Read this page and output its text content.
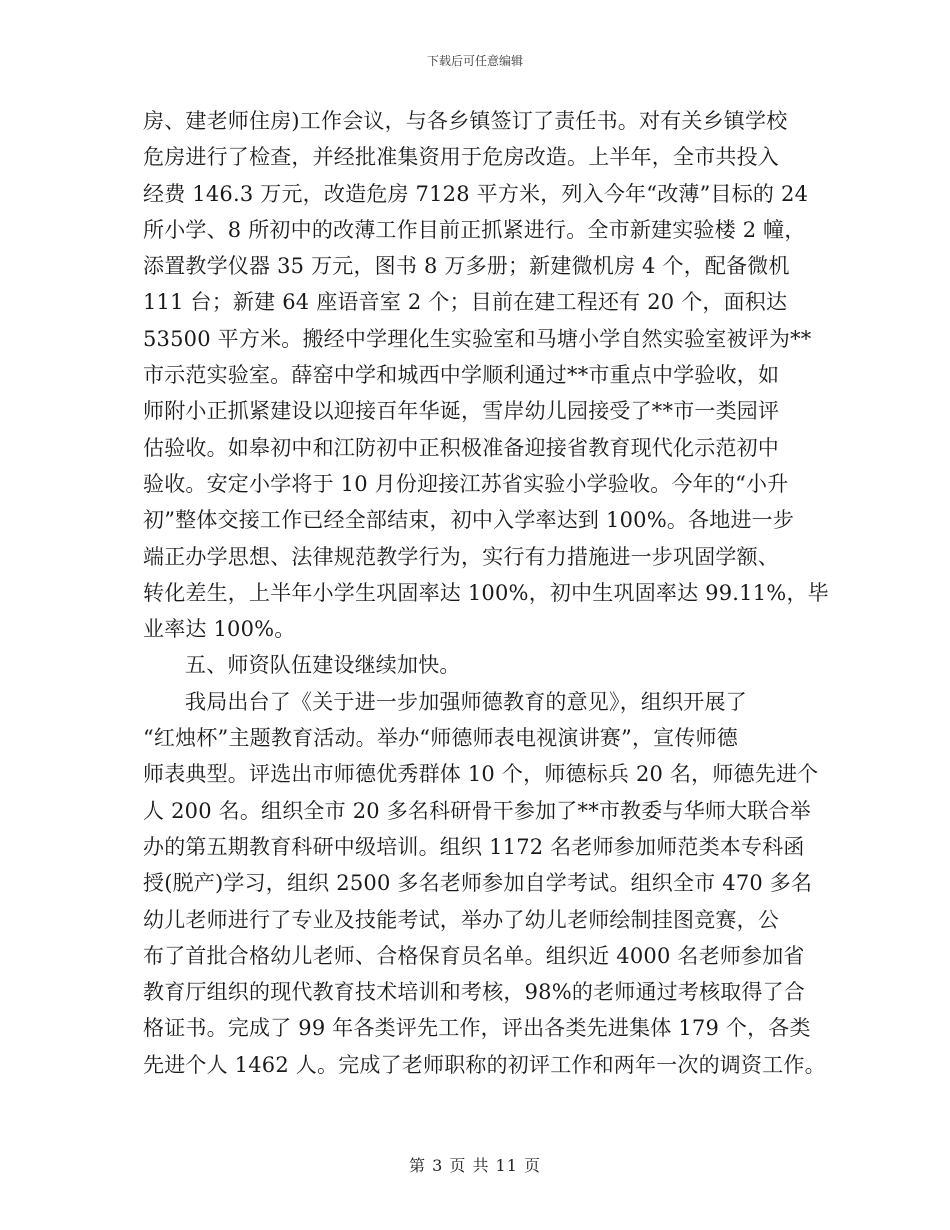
下载后可任意编辑
房、建老师住房)工作会议，与各乡镇签订了责任书。对有关乡镇学校
危房进行了检查，并经批准集资用于危房改造。上半年，全市共投入
经费 146.3 万元，改造危房 7128 平方米，列入今年“改薄”目标的 24
所小学、8 所初中的改薄工作目前正抓紧进行。全市新建实验楼 2 幢，
添置教学仪器 35 万元，图书 8 万多册；新建微机房 4 个，配备微机
111 台；新建 64 座语音室 2 个；目前在建工程还有 20 个，面积达
53500 平方米。搬经中学理化生实验室和马塘小学自然实验室被评为**
市示范实验室。薛窑中学和城西中学顺利通过**市重点中学验收，如
师附小正抓紧建设以迎接百年华诞，雪岸幼儿园接受了**市一类园评
估验收。如皋初中和江防初中正积极准备迎接省教育现代化示范初中
验收。安定小学将于 10 月份迎接江苏省实验小学验收。今年的“小升
初”整体交接工作已经全部结束，初中入学率达到 100%。各地进一步
端正办学思想、法律规范教学行为，实行有力措施进一步巩固学额、
转化差生，上半年小学生巩固率达 100%，初中生巩固率达 99.11%，毕
业率达 100%。
五、师资队伍建设继续加快。
我局出台了《关于进一步加强师德教育的意见》，组织开展了
“红烛杯”主题教育活动。举办“师德师表电视演讲赛”，宣传师德
师表典型。评选出市师德优秀群体 10 个，师德标兵 20 名，师德先进个
人 200 名。组织全市 20 多名科研骨干参加了**市教委与华师大联合举
办的第五期教育科研中级培训。组织 1172 名老师参加师范类本专科函
授(脱产)学习，组织 2500 多名老师参加自学考试。组织全市 470 多名
幼儿老师进行了专业及技能考试，举办了幼儿老师绘制挂图竞赛，公
布了首批合格幼儿老师、合格保育员名单。组织近 4000 名老师参加省
教育厅组织的现代教育技术培训和考核，98%的老师通过考核取得了合
格证书。完成了 99 年各类评先工作，评出各类先进集体 179 个，各类
先进个人 1462 人。完成了老师职称的初评工作和两年一次的调资工作。
第 3 页 共 11 页
